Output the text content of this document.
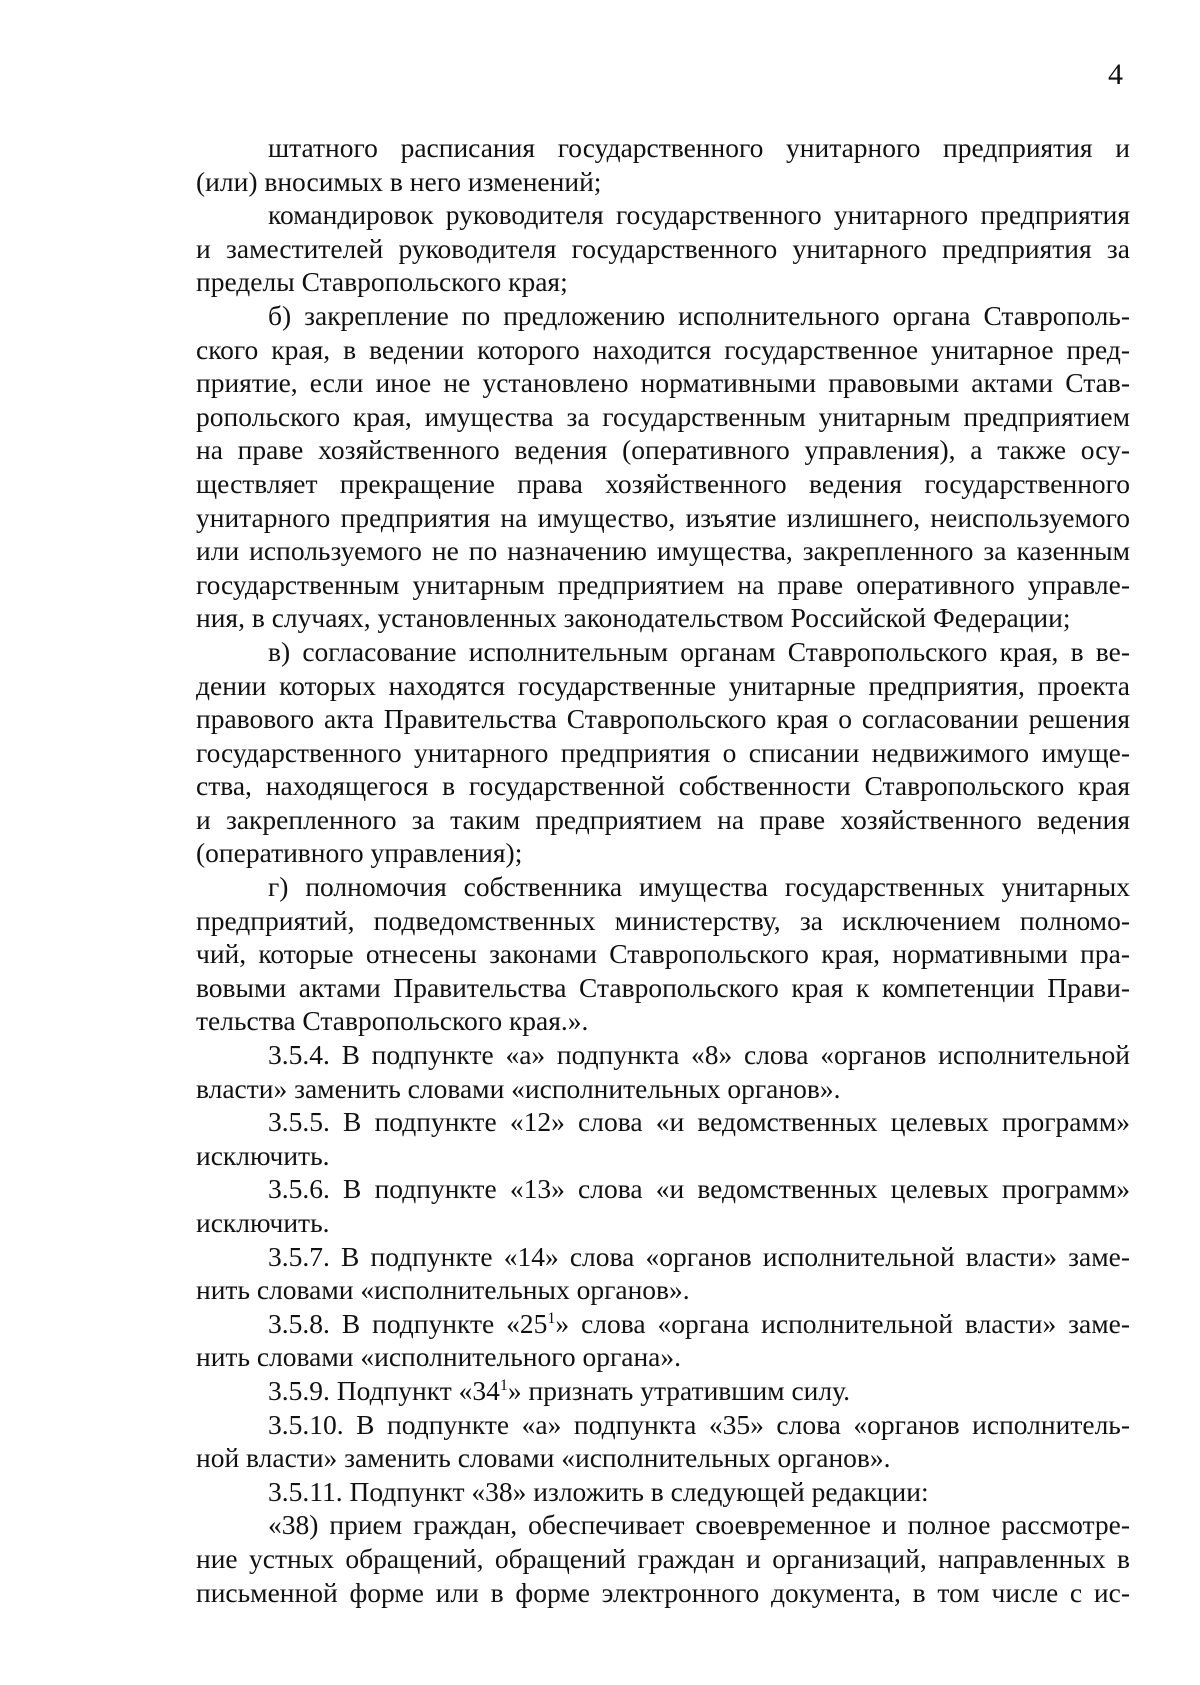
4

штатного расписания государственного унитарного предприятия и
(или) вносимых в него изменений;

командировок руководителя государственного унитарного предприятия
и заместителей руководителя государственного унитарного предприятия за
пределы Ставропольского края;

б) закрепление по предложению исполнительного органа Ставрополь-
ского края, в ведении которого находится государственное унитарное пред-
приятие, если иное не установлено нормативными правовыми актами Став-
ропольского края, имущества за государственным унитарным предприятием
на праве хозяйственного ведения (оперативного управления), а также осу-
ществляет прекращение права хозяйственного ведения государственного
унитарного предприятия на имущество, изъятие излишнего, неиспользуемого
или используемого не по назначению имущества, закрепленного за казенным
государственным унитарным предприятием на праве оперативного управле-
ния, в случаях, установленных законодательством Российской Федерации;

в) согласование исполнительным органам Ставропольского края, в ве-
дении которых находятся государственные унитарные предприятия, проекта
правового акта Правительства Ставропольского края о согласовании решения
государственного унитарного предприятия о списании недвижимого имуще-
ства, находящегося в государственной собственности Ставропольского края
и закрепленного за таким предприятием на праве хозяйственного ведения
(оперативного управления);

г) полномочия собственника имущества государственных унитарных
предприятий, подведомственных министерству, за исключением полномо-
чий, которые отнесены законами Ставропольского края, нормативными пра-
вовыми актами Правительства Ставропольского края к компетенции Прави-
тельства Ставропольского края.».

3.5.4. В подпункте «а» подпункта «8» слова «органов исполнительной
власти» заменить словами «исполнительных органов».

3.5.5. В подпункте «12» слова «и ведомственных целевых программ»
исключить.

3.5.6. В подпункте «13» слова «и ведомственных целевых программ»
исключить.

3.5.7. В подпункте «14» слова «органов исполнительной власти» заме-
нить словами «исполнительных органов».

3.5.8. В подпункте «$25^1$» слова «органа исполнительной власти» заме-
нить словами «исполнительного органа».

3.5.9. Подпункт «$34^1$» признать утратившим силу.

3.5.10. В подпункте «а» подпункта «35» слова «органов исполнитель-
ной власти» заменить словами «исполнительных органов».

3.5.11. Подпункт «38» изложить в следующей редакции:

«38) прием граждан, обеспечивает своевременное и полное рассмотре-
ние устных обращений, обращений граждан и организаций, направленных в
письменной форме или в форме электронного документа, в том числе с ис-
